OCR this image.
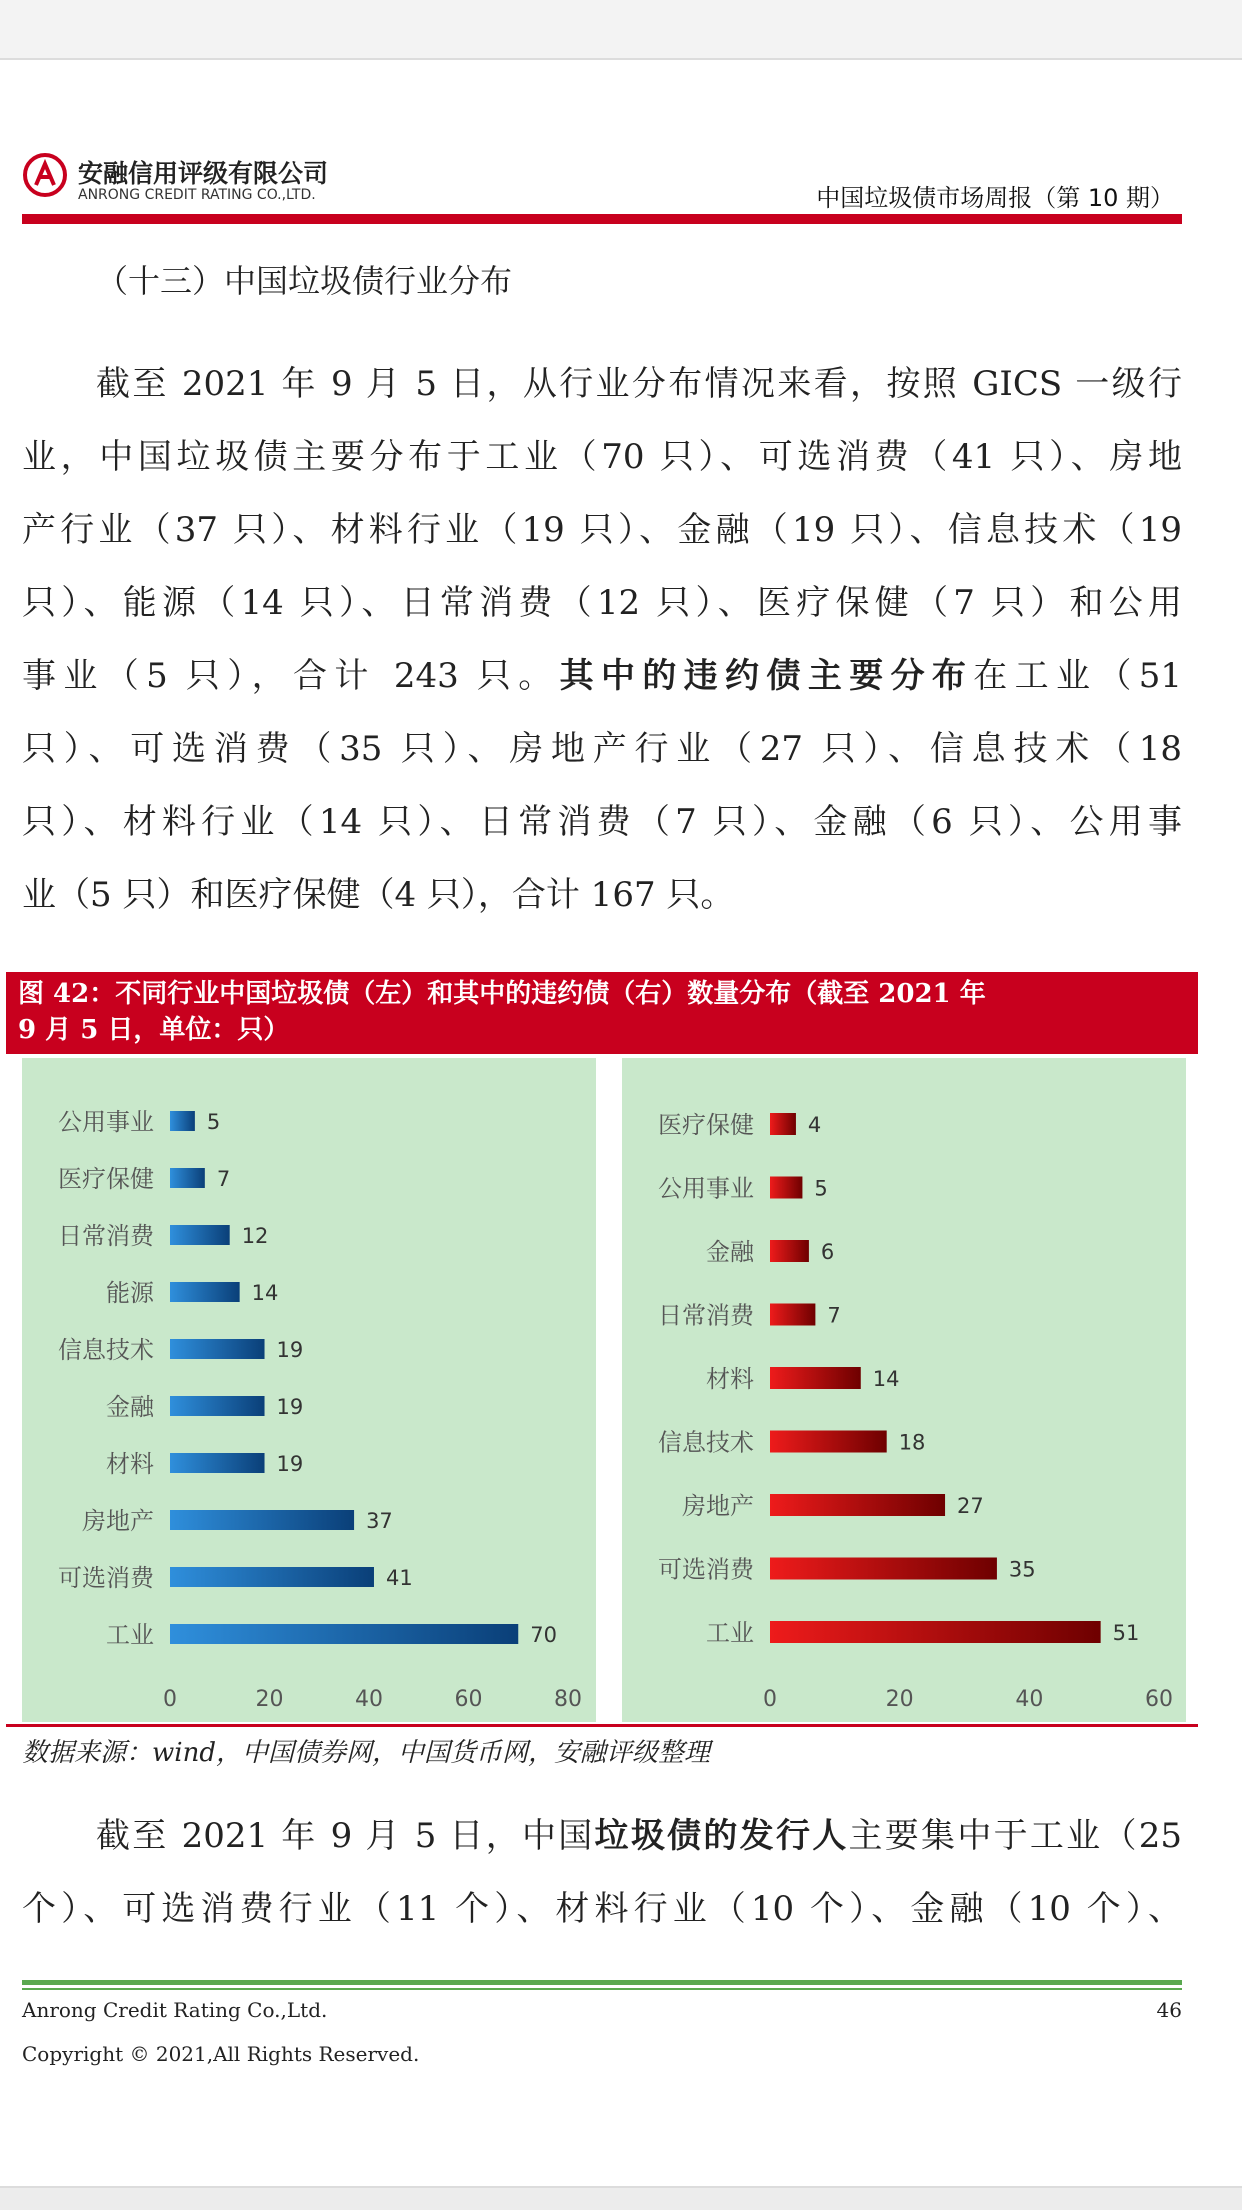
安融信用评级有限公司
ANRONG CREDIT RATING CO.,LTD.	中国垃圾债市场周报（第 10 期）
（十三）中国垃圾债行业分布
截至 2021 年 9 月 5 日，从行业分布情况来看，按照 GICS 一级行
业，中国垃圾债主要分布于工业（70 只）、可选消费（41 只）、房地
产行业（37 只）、材料行业（19 只）、金融（19 只）、信息技术（19
只）、能源（14 只）、日常消费（12 只）、医疗保健（7 只）和公用
事业（5 只），合计 243 只。其中的违约债主要分布在工业（51
只）、可选消费（35 只）、房地产行业（27 只）、信息技术（18
只）、材料行业（14 只）、日常消费（7 只）、金融（6 只）、公用事
业（5 只）和医疗保健（4 只），合计 167 只。
图 42：不同行业中国垃圾债（左）和其中的违约债（右）数量分布（截至 2021 年
9 月 5 日，单位：只）
公用事业	5
医疗保健	7
日常消费	12
能源	14
信息技术	19
金融	19
材料	19
房地产	37
可选消费	41
工业	70
0	20	40	60	80
医疗保健	4
公用事业	5
金融	6
日常消费	7
材料	14
信息技术	18
房地产	27
可选消费	35
工业	51
0	20	40	60
数据来源：wind，中国债券网，中国货币网，安融评级整理
截至 2021 年 9 月 5 日，中国垃圾债的发行人主要集中于工业（25
个）、可选消费行业（11 个）、材料行业（10 个）、金融（10 个）、
Anrong Credit Rating Co.,Ltd.	46
Copyright © 2021,All Rights Reserved.
